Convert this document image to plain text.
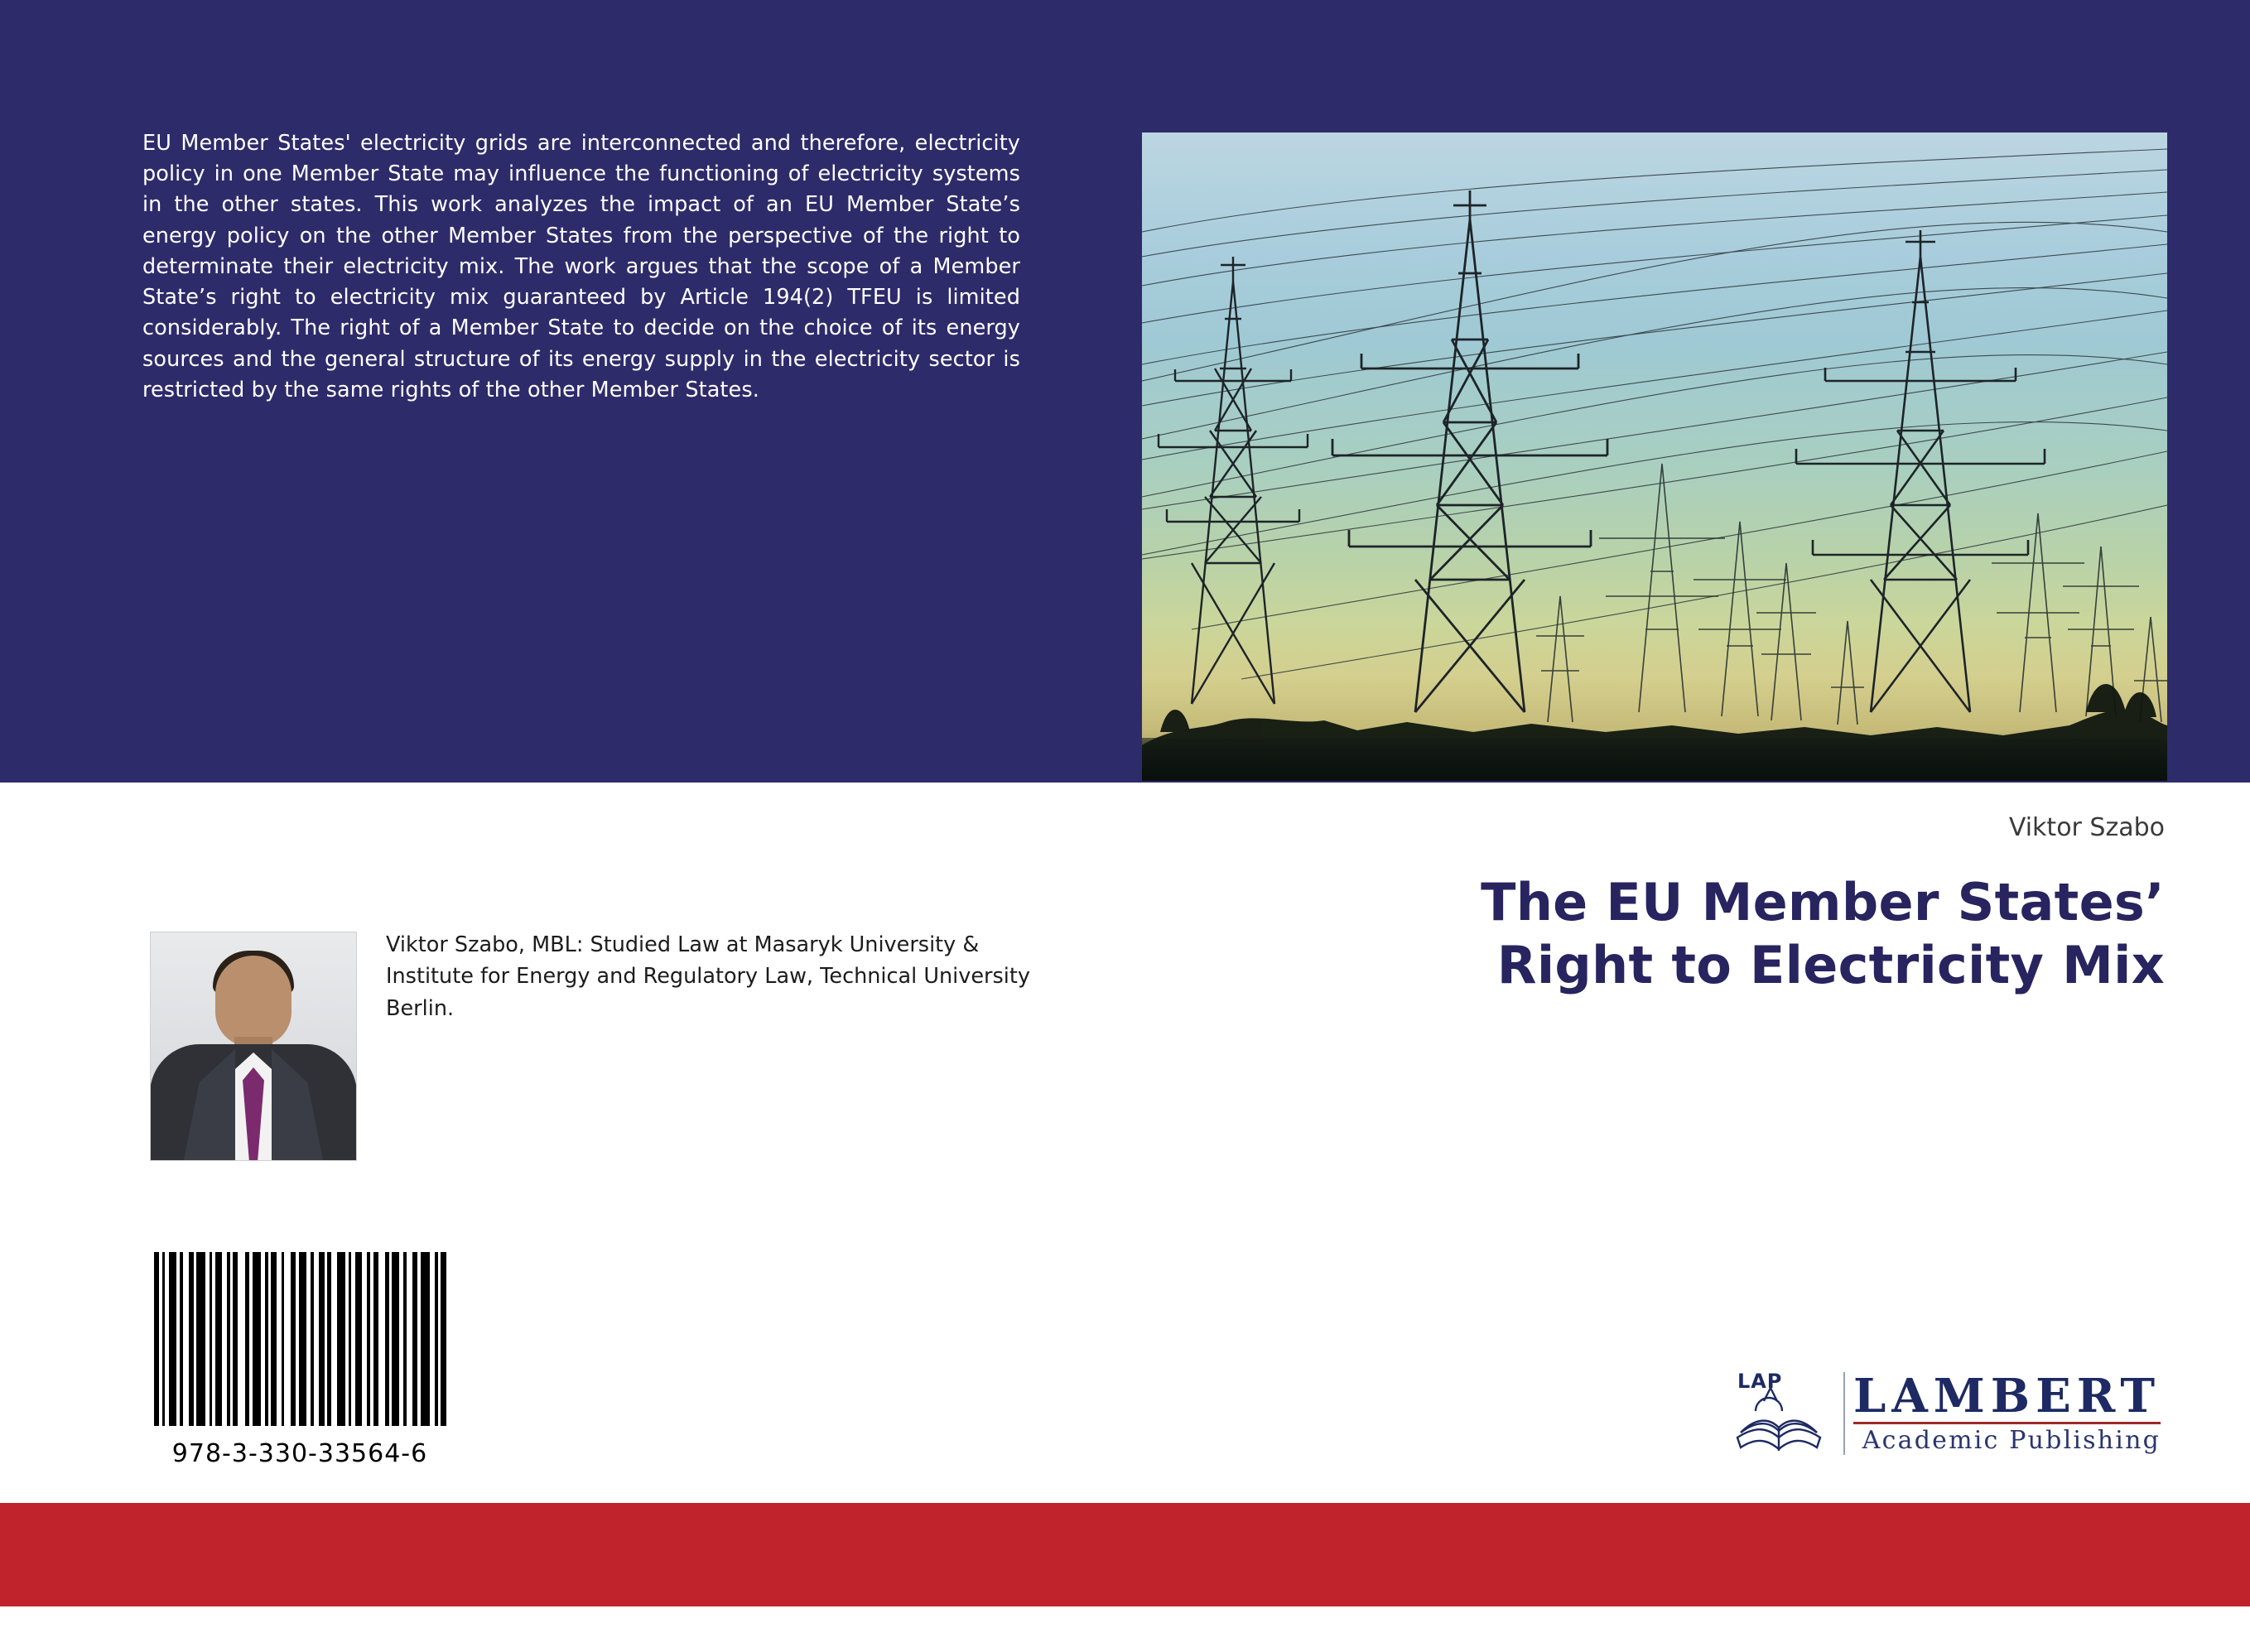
EU Member States' electricity grids are interconnected and therefore, electricity policy in one Member State may influence the functioning of electricity systems in the other states. This work analyzes the impact of an EU Member State’s energy policy on the other Member States from the perspective of the right to determinate their electricity mix. The work argues that the scope of a Member State’s right to electricity mix guaranteed by Article 194(2) TFEU is limited considerably. The right of a Member State to decide on the choice of its energy sources and the general structure of its energy supply in the electricity sector is restricted by the same rights of the other Member States.
Viktor Szabo
The EU Member States’
Right to Electricity Mix
Viktor Szabo, MBL: Studied Law at Masaryk University & Institute for Energy and Regulatory Law, Technical University Berlin.
978-3-330-33564-6
LAP LAMBERT
Academic Publishing
